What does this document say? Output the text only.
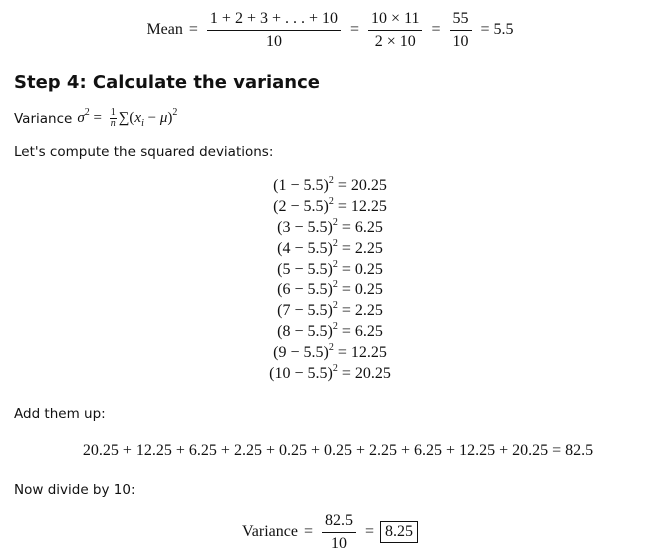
Mean = $\frac{1 + 2 + 3 + . . . + 10}{10} = \frac{10 \times 11}{2 \times 10} = \frac{55}{10} = 5.5$
Step 4: Calculate the variance
Variance $\sigma^2 = \frac{1}{n} \sum(x_i - \mu)^2$
Let's compute the squared deviations:
$(1 - 5.5)^2 = 20.25$
$(2 - 5.5)^2 = 12.25$
$(3 - 5.5)^2 = 6.25$
$(4 - 5.5)^2 = 2.25$
$(5 - 5.5)^2 = 0.25$
$(6 - 5.5)^2 = 0.25$
$(7 - 5.5)^2 = 2.25$
$(8 - 5.5)^2 = 6.25$
$(9 - 5.5)^2 = 12.25$
$(10 - 5.5)^2 = 20.25$
Add them up:
20.25 + 12.25 + 6.25 + 2.25 + 0.25 + 0.25 + 2.25 + 6.25 + 12.25 + 20.25 = 82.5
Now divide by 10:
Variance = $\frac{82.5}{10} = 8.25$
